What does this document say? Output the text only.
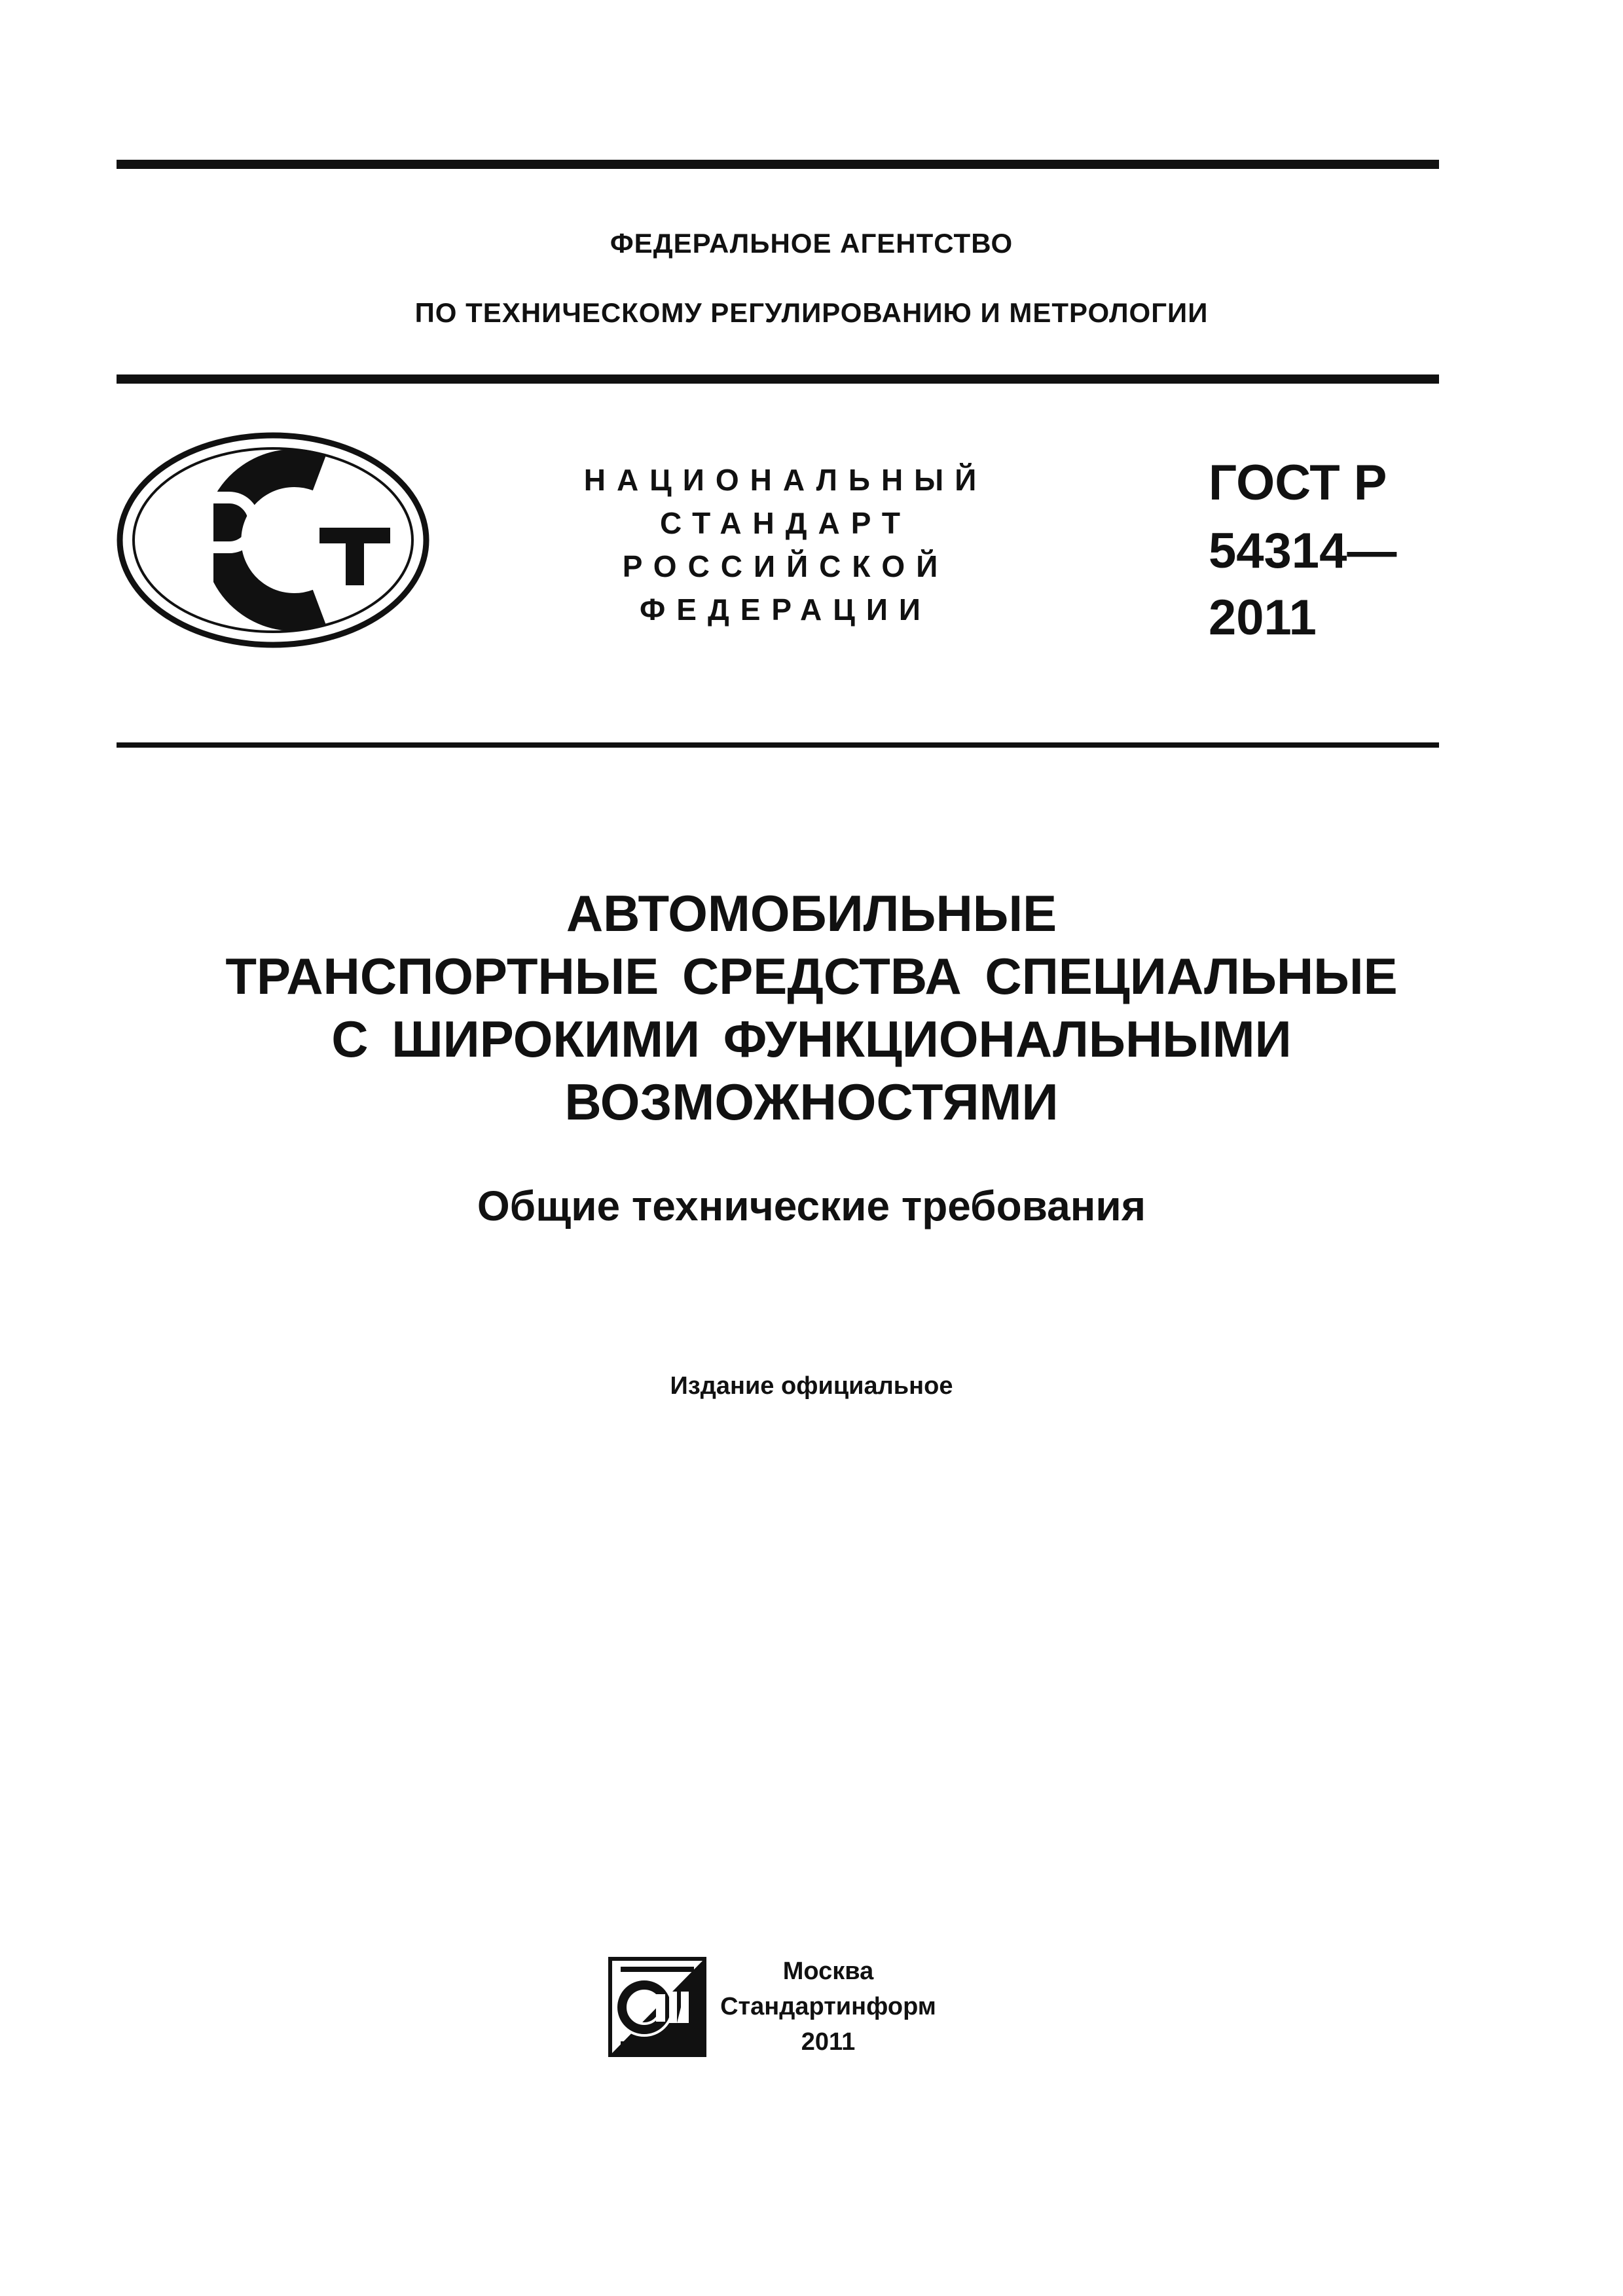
ФЕДЕРАЛЬНОЕ АГЕНТСТВО
ПО ТЕХНИЧЕСКОМУ РЕГУЛИРОВАНИЮ И МЕТРОЛОГИИ
НАЦИОНАЛЬНЫЙ
СТАНДАРТ
РОССИЙСКОЙ
ФЕДЕРАЦИИ
ГОСТ Р
54314—
2011
АВТОМОБИЛЬНЫЕ
ТРАНСПОРТНЫЕ СРЕДСТВА СПЕЦИАЛЬНЫЕ
С ШИРОКИМИ ФУНКЦИОНАЛЬНЫМИ
ВОЗМОЖНОСТЯМИ
Общие технические требования
Издание официальное
Москва
Стандартинформ
2011
